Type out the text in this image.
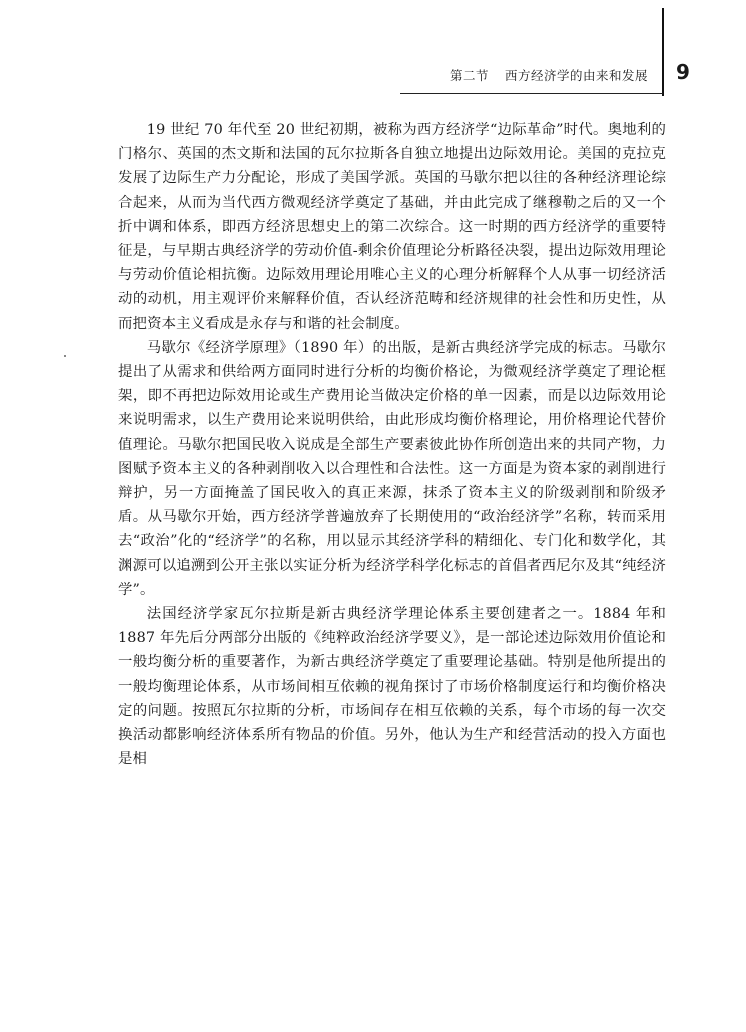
第二节 西方经济学的由来和发展 9

19 世纪 70 年代至 20 世纪初期，被称为西方经济学“边际革命”时代。奥地利的门格尔、英国的杰文斯和法国的瓦尔拉斯各自独立地提出边际效用论。美国的克拉克发展了边际生产力分配论，形成了美国学派。英国的马歇尔把以往的各种经济理论综合起来，从而为当代西方微观经济学奠定了基础，并由此完成了继穆勒之后的又一个折中调和体系，即西方经济思想史上的第二次综合。这一时期的西方经济学的重要特征是，与早期古典经济学的劳动价值-剩余价值理论分析路径决裂，提出边际效用理论与劳动价值论相抗衡。边际效用理论用唯心主义的心理分析解释个人从事一切经济活动的动机，用主观评价来解释价值，否认经济范畴和经济规律的社会性和历史性，从而把资本主义看成是永存与和谐的社会制度。

马歇尔《经济学原理》（1890 年）的出版，是新古典经济学完成的标志。马歇尔提出了从需求和供给两方面同时进行分析的均衡价格论，为微观经济学奠定了理论框架，即不再把边际效用论或生产费用论当做决定价格的单一因素，而是以边际效用论来说明需求，以生产费用论来说明供给，由此形成均衡价格理论，用价格理论代替价值理论。马歇尔把国民收入说成是全部生产要素彼此协作所创造出来的共同产物，力图赋予资本主义的各种剥削收入以合理性和合法性。这一方面是为资本家的剥削进行辩护，另一方面掩盖了国民收入的真正来源，抹杀了资本主义的阶级剥削和阶级矛盾。从马歇尔开始，西方经济学普遍放弃了长期使用的“政治经济学”名称，转而采用去“政治”化的“经济学”的名称，用以显示其经济学科的精细化、专门化和数学化，其渊源可以追溯到公开主张以实证分析为经济学科学化标志的首倡者西尼尔及其“纯经济学”。

法国经济学家瓦尔拉斯是新古典经济学理论体系主要创建者之一。1884 年和 1887 年先后分两部分出版的《纯粹政治经济学要义》，是一部论述边际效用价值论和一般均衡分析的重要著作，为新古典经济学奠定了重要理论基础。特别是他所提出的一般均衡理论体系，从市场间相互依赖的视角探讨了市场价格制度运行和均衡价格决定的问题。按照瓦尔拉斯的分析，市场间存在相互依赖的关系，每个市场的每一次交换活动都影响经济体系所有物品的价值。另外，他认为生产和经营活动的投入方面也是相
